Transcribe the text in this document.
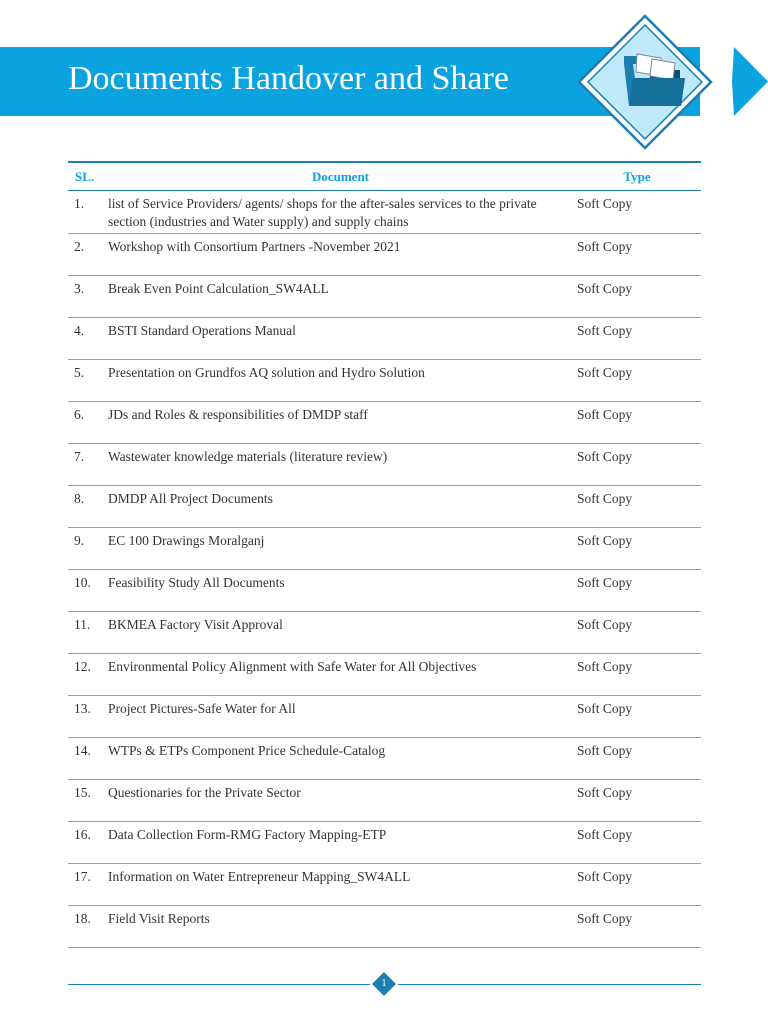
Documents Handover and Share
SL.	Document	Type
1.	list of Service Providers/ agents/ shops for the after-sales services to the private section (industries and Water supply) and supply chains	Soft Copy
2.	Workshop with Consortium Partners -November 2021	Soft Copy
3.	Break Even Point Calculation_SW4ALL	Soft Copy
4.	BSTI Standard Operations Manual	Soft Copy
5.	Presentation on Grundfos AQ solution and Hydro Solution	Soft Copy
6.	JDs and Roles & responsibilities of DMDP staff	Soft Copy
7.	Wastewater knowledge materials (literature review)	Soft Copy
8.	DMDP All Project Documents	Soft Copy
9.	EC 100 Drawings Moralganj	Soft Copy
10.	Feasibility Study All Documents	Soft Copy
11.	BKMEA Factory Visit Approval	Soft Copy
12.	Environmental Policy Alignment with Safe Water for All Objectives	Soft Copy
13.	Project Pictures-Safe Water for All	Soft Copy
14.	WTPs & ETPs Component Price Schedule-Catalog	Soft Copy
15.	Questionaries for the Private Sector	Soft Copy
16.	Data Collection Form-RMG Factory Mapping-ETP	Soft Copy
17.	Information on Water Entrepreneur Mapping_SW4ALL	Soft Copy
18.	Field Visit Reports	Soft Copy
1
